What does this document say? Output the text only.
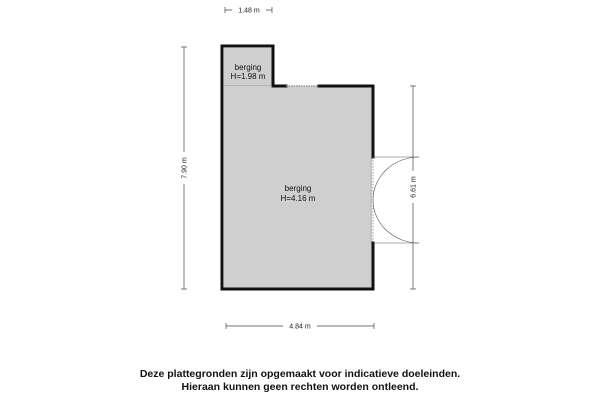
1.48 m
7.90 m
6.61 m
4.84 m
berging
H=1.98 m
berging
H=4.16 m
Deze plattegronden zijn opgemaakt voor indicatieve doeleinden.
Hieraan kunnen geen rechten worden ontleend.
